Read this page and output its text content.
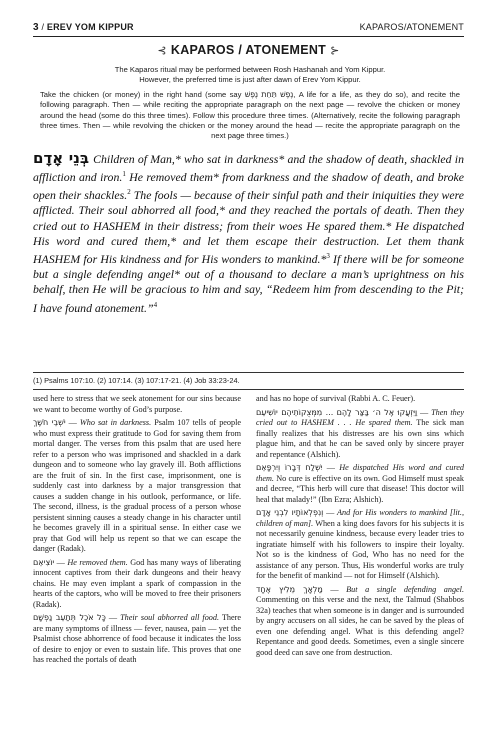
3 / EREV YOM KIPPUR	KAPAROS/ATONEMENT
⊰ KAPAROS / ATONEMENT ⊱
The Kaparos ritual may be performed between Rosh Hashanah and Yom Kippur.
However, the preferred time is just after dawn of Erev Yom Kippur.
Take the chicken (or money) in the right hand (some say נֶפֶשׁ תַּחַת נֶפֶשׁ, A life for a life, as they do so), and recite the following paragraph. Then — while reciting the appropriate paragraph on the next page — revolve the chicken or money around the head (some do this three times). Follow this procedure three times. (Alternatively, recite the following paragraph three times. Then — while revolving the chicken or the money around the head — recite the appropriate paragraph on the next page three times.)
בְּנֵי אָדָם Children of Man,* who sat in darkness* and the shadow of death, shackled in affliction and iron.$^1$ He removed them* from darkness and the shadow of death, and broke open their shackles.$^2$ The fools — because of their sinful path and their iniquities they were afflicted. Their soul abhorred all food,* and they reached the portals of death. Then they cried out to HASHEM in their distress; from their woes He spared them.* He dispatched His word and cured them,* and let them escape their destruction. Let them thank HASHEM for His kindness and for His wonders to mankind.*$^3$ If there will be for someone but a single defending angel* out of a thousand to declare a man’s uprightness on his behalf, then He will be gracious to him and say, “Redeem him from descending to the Pit; I have found atonement.”$^4$
(1) Psalms 107:10. (2) 107:14. (3) 107:17-21. (4) Job 33:23-24.

used here to stress that we seek atonement for our sins because we want to become worthy of God’s purpose.

יֹשְׁבֵי חֹשֶׁךְ — Who sat in darkness. Psalm 107 tells of people who must express their gratitude to God for saving them from mortal danger. The verses from this psalm that are used here refer to a person who was imprisoned and shackled in a dark dungeon and to someone who lay gravely ill. Both afflictions are the fruit of sin. In the first case, imprisonment, one is suddenly cast into darkness by a major transgression that causes a sudden change in his outlook, performance, or life. The second, illness, is the gradual process of a person whose persistent sinning causes a steady change in his character until he becomes gravely ill in a spiritual sense. In either case we pray that God will help us repent so that we can escape the danger (Radak).

יוֹצִיאֵם — He removed them. God has many ways of liberating innocent captives from their dark dungeons and their heavy chains. He may even implant a spark of compassion in the hearts of the captors, who will be moved to free their prisoners (Radak).

כָּל אֹכֶל תְּתַעֵב נַפְשָׁם — Their soul abhorred all food. There are many symptoms of illness — fever, nausea, pain — yet the Psalmist chose abhorrence of food because it indicates the loss of desire to enjoy or even to sustain life. This proves that one has reached the portals of death

and has no hope of survival (Rabbi A. C. Feuer).

וַיִּזְעֲקוּ אֶל ה׳ בַּצַּר לָהֶם ... מִמְּצֻקוֹתֵיהֶם יוֹשִׁיעֵם — Then they cried out to HASHEM . . . He spared them. The sick man finally realizes that his distresses are his own sins which plague him, and that he can be saved only by sincere prayer and repentance (Alshich).

יִשְׁלַח דְּבָרוֹ וְיִרְפָּאֵם — He dispatched His word and cured them. No cure is effective on its own. God Himself must speak and decree, “This herb will cure that disease! This doctor will heal that malady!” (Ibn Ezra; Alshich).

וְנִפְלְאוֹתָיו לִבְנֵי אָדָם — And for His wonders to mankind [lit., children of man]. When a king does favors for his subjects it is not necessarily genuine kindness, because every leader tries to ingratiate himself with his followers to inspire their loyalty. Not so is the kindness of God, Who has no need for the assistance of any person. Thus, His wonderful works are truly for the benefit of mankind — not for Himself (Alshich).

מַלְאָךְ מֵלִיץ אֶחָד — But a single defending angel. Commenting on this verse and the next, the Talmud (Shabbos 32a) teaches that when someone is in danger and is surrounded by angry accusers on all sides, he can be saved by the pleas of even one defending angel. What is this defending angel? Repentance and good deeds. Sometimes, even a single sincere good deed can save one from destruction.
